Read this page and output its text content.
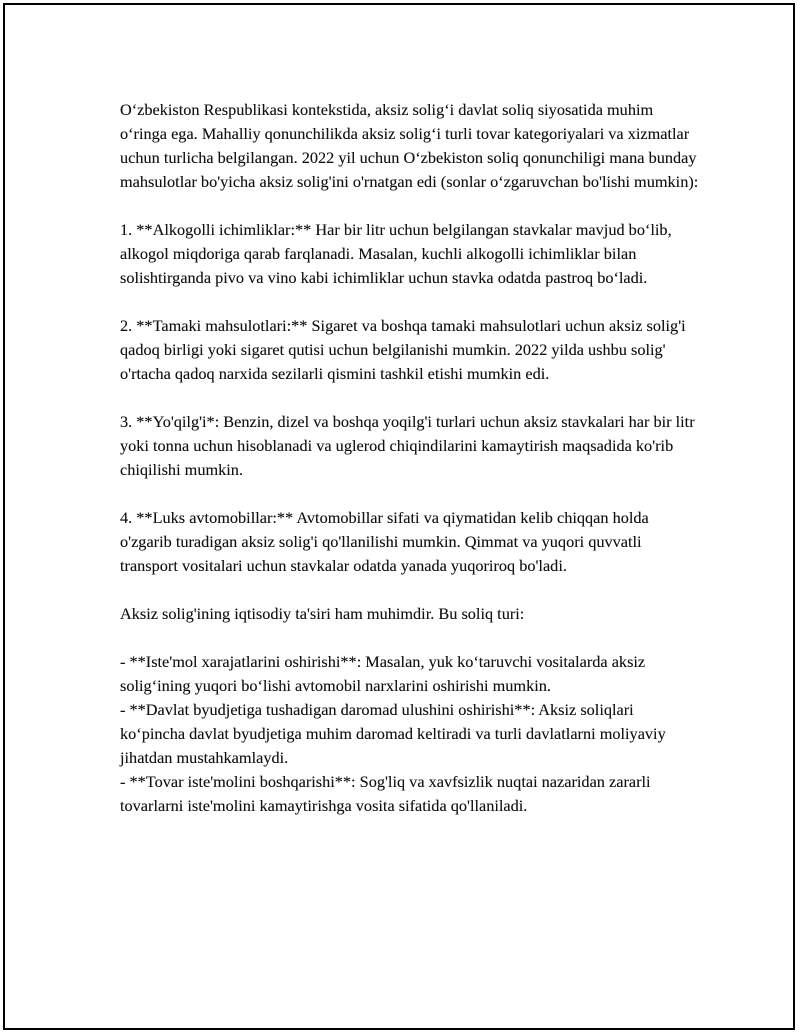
O‘zbekiston Respublikasi kontekstida, aksiz solig‘i davlat soliq siyosatida muhim o‘ringa ega. Mahalliy qonunchilikda aksiz solig‘i turli tovar kategoriyalari va xizmatlar uchun turlicha belgilangan. 2022 yil uchun O‘zbekiston soliq qonunchiligi mana bunday mahsulotlar bo'yicha aksiz solig'ini o'rnatgan edi (sonlar o‘zgaruvchan bo'lishi mumkin):

1. **Alkogolli ichimliklar:** Har bir litr uchun belgilangan stavkalar mavjud bo‘lib, alkogol miqdoriga qarab farqlanadi. Masalan, kuchli alkogolli ichimliklar bilan solishtirganda pivo va vino kabi ichimliklar uchun stavka odatda pastroq bo‘ladi.

2. **Tamaki mahsulotlari:** Sigaret va boshqa tamaki mahsulotlari uchun aksiz solig'i qadoq birligi yoki sigaret qutisi uchun belgilanishi mumkin. 2022 yilda ushbu solig' o'rtacha qadoq narxida sezilarli qismini tashkil etishi mumkin edi.

3. **Yo'qilg'i*: Benzin, dizel va boshqa yoqilg'i turlari uchun aksiz stavkalari har bir litr yoki tonna uchun hisoblanadi va uglerod chiqindilarini kamaytirish maqsadida ko'rib chiqilishi mumkin.

4. **Luks avtomobillar:** Avtomobillar sifati va qiymatidan kelib chiqqan holda o'zgarib turadigan aksiz solig'i qo'llanilishi mumkin. Qimmat va yuqori quvvatli transport vositalari uchun stavkalar odatda yanada yuqoriroq bo'ladi.

Aksiz solig'ining iqtisodiy ta'siri ham muhimdir. Bu soliq turi:

- **Iste'mol xarajatlarini oshirishi**: Masalan, yuk ko‘taruvchi vositalarda aksiz solig‘ining yuqori bo‘lishi avtomobil narxlarini oshirishi mumkin.

- **Davlat byudjetiga tushadigan daromad ulushini oshirishi**: Aksiz soliqlari ko‘pincha davlat byudjetiga muhim daromad keltiradi va turli davlatlarni moliyaviy jihatdan mustahkamlaydi.

- **Tovar iste'molini boshqarishi**: Sog'liq va xavfsizlik nuqtai nazaridan zararli tovarlarni iste'molini kamaytirishga vosita sifatida qo'llaniladi.
